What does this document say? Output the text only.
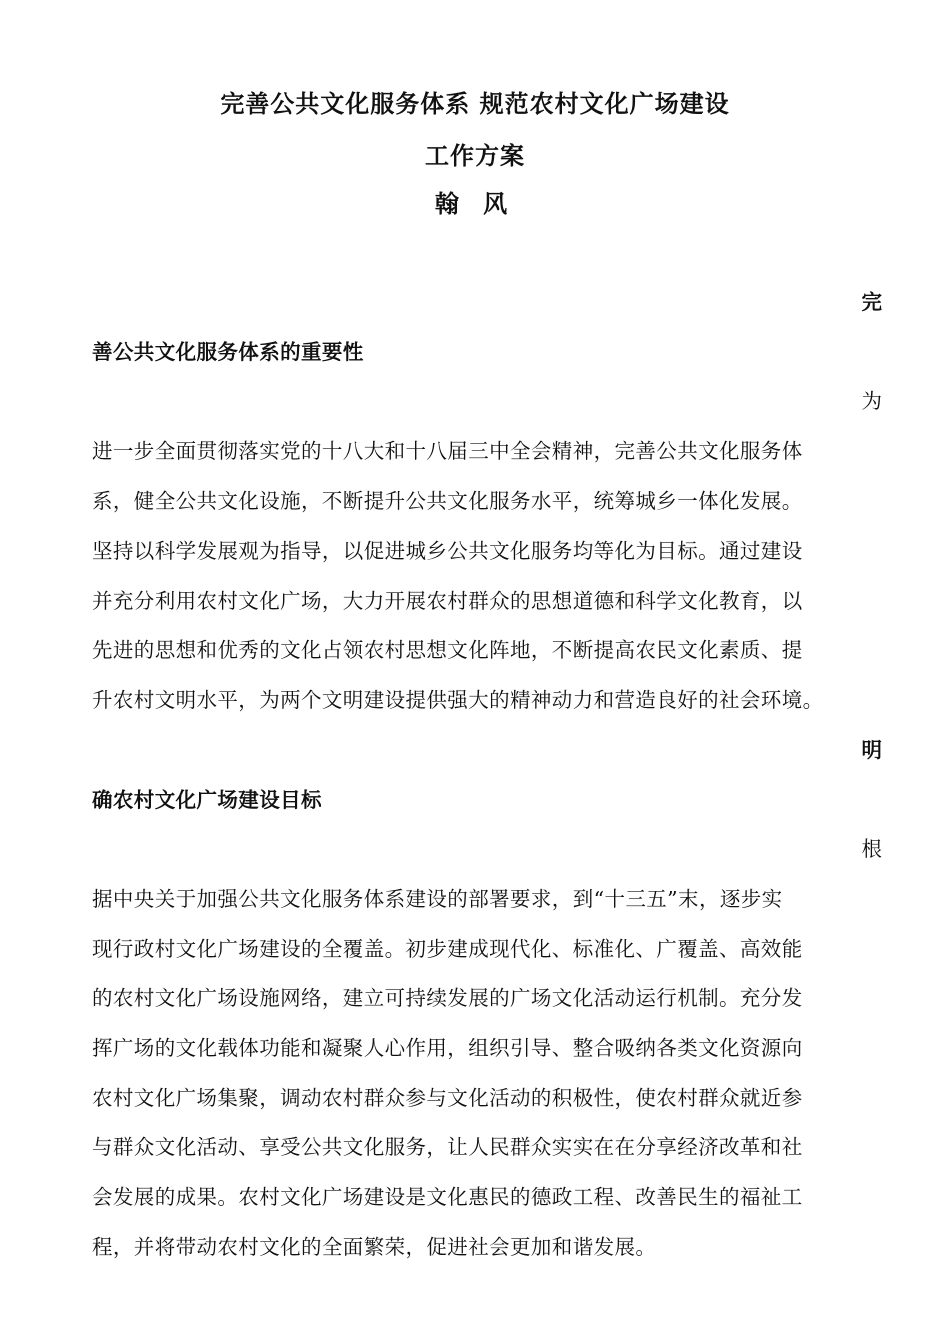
完善公共文化服务体系 规范农村文化广场建设
工作方案
翰 风
完
善公共文化服务体系的重要性
为
进一步全面贯彻落实党的十八大和十八届三中全会精神，完善公共文化服务体
系，健全公共文化设施，不断提升公共文化服务水平，统筹城乡一体化发展。
坚持以科学发展观为指导，以促进城乡公共文化服务均等化为目标。通过建设
并充分利用农村文化广场，大力开展农村群众的思想道德和科学文化教育，以
先进的思想和优秀的文化占领农村思想文化阵地，不断提高农民文化素质、提
升农村文明水平，为两个文明建设提供强大的精神动力和营造良好的社会环境。
明
确农村文化广场建设目标
根
据中央关于加强公共文化服务体系建设的部署要求，到“十三五”末，逐步实
现行政村文化广场建设的全覆盖。初步建成现代化、标准化、广覆盖、高效能
的农村文化广场设施网络，建立可持续发展的广场文化活动运行机制。充分发
挥广场的文化载体功能和凝聚人心作用，组织引导、整合吸纳各类文化资源向
农村文化广场集聚，调动农村群众参与文化活动的积极性，使农村群众就近参
与群众文化活动、享受公共文化服务，让人民群众实实在在分享经济改革和社
会发展的成果。农村文化广场建设是文化惠民的德政工程、改善民生的福祉工
程，并将带动农村文化的全面繁荣，促进社会更加和谐发展。
